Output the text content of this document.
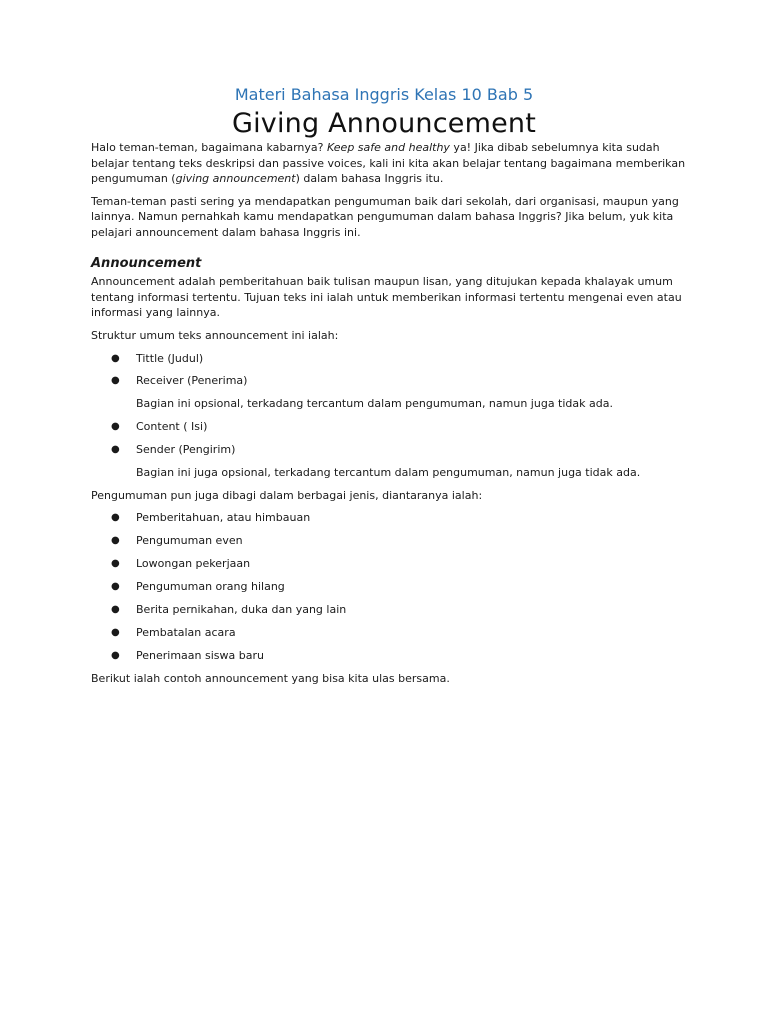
Materi Bahasa Inggris Kelas 10 Bab 5
Giving Announcement

Halo teman-teman, bagaimana kabarnya? Keep safe and healthy ya! Jika dibab sebelumnya kita sudah belajar tentang teks deskripsi dan passive voices, kali ini kita akan belajar tentang bagaimana memberikan pengumuman (giving announcement) dalam bahasa Inggris itu.

Teman-teman pasti sering ya mendapatkan pengumuman baik dari sekolah, dari organisasi, maupun yang lainnya. Namun pernahkah kamu mendapatkan pengumuman dalam bahasa Inggris? Jika belum, yuk kita pelajari announcement dalam bahasa Inggris ini.

Announcement

Announcement adalah pemberitahuan baik tulisan maupun lisan, yang ditujukan kepada khalayak umum tentang informasi tertentu. Tujuan teks ini ialah untuk memberikan informasi tertentu mengenai even atau informasi yang lainnya.

Struktur umum teks announcement ini ialah:

● Tittle (Judul)
● Receiver (Penerima)
Bagian ini opsional, terkadang tercantum dalam pengumuman, namun juga tidak ada.
● Content ( Isi)
● Sender (Pengirim)
Bagian ini juga opsional, terkadang tercantum dalam pengumuman, namun juga tidak ada.

Pengumuman pun juga dibagi dalam berbagai jenis, diantaranya ialah:

● Pemberitahuan, atau himbauan
● Pengumuman even
● Lowongan pekerjaan
● Pengumuman orang hilang
● Berita pernikahan, duka dan yang lain
● Pembatalan acara
● Penerimaan siswa baru

Berikut ialah contoh announcement yang bisa kita ulas bersama.
